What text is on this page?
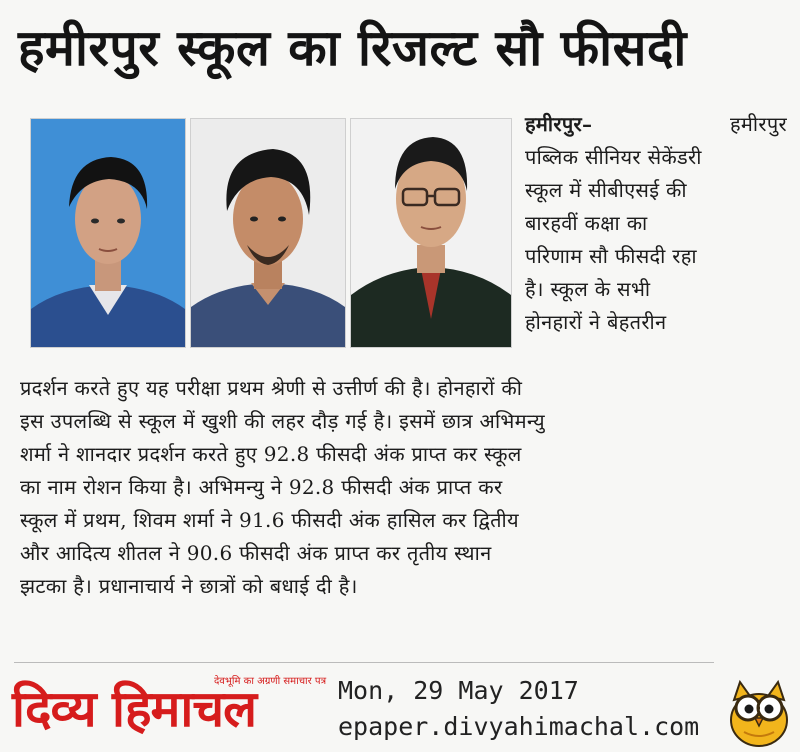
हमीरपुर स्कूल का रिजल्ट सौ फीसदी
हमीरपुर–	हमीरपुर
पब्लिक सीनियर सेकेंडरी
स्कूल में सीबीएसई की
बारहवीं कक्षा का
परिणाम सौ फीसदी रहा
है। स्कूल के सभी
होनहारों ने बेहतरीन
प्रदर्शन करते हुए यह परीक्षा प्रथम श्रेणी से उत्तीर्ण की है। होनहारों की
इस उपलब्धि से स्कूल में खुशी की लहर दौड़ गई है। इसमें छात्र अभिमन्यु
शर्मा ने शानदार प्रदर्शन करते हुए 92.8 फीसदी अंक प्राप्त कर स्कूल
का नाम रोशन किया है। अभिमन्यु ने 92.8 फीसदी अंक प्राप्त कर
स्कूल में प्रथम, शिवम शर्मा ने 91.6 फीसदी अंक हासिल कर द्वितीय
और आदित्य शीतल ने 90.6 फीसदी अंक प्राप्त कर तृतीय स्थान
झटका है। प्रधानाचार्य ने छात्रों को बधाई दी है।
दिव्य हिमाचल
देवभूमि का अग्रणी समाचार पत्र Mon, 29 May 2017
epaper.divyahimachal.com
